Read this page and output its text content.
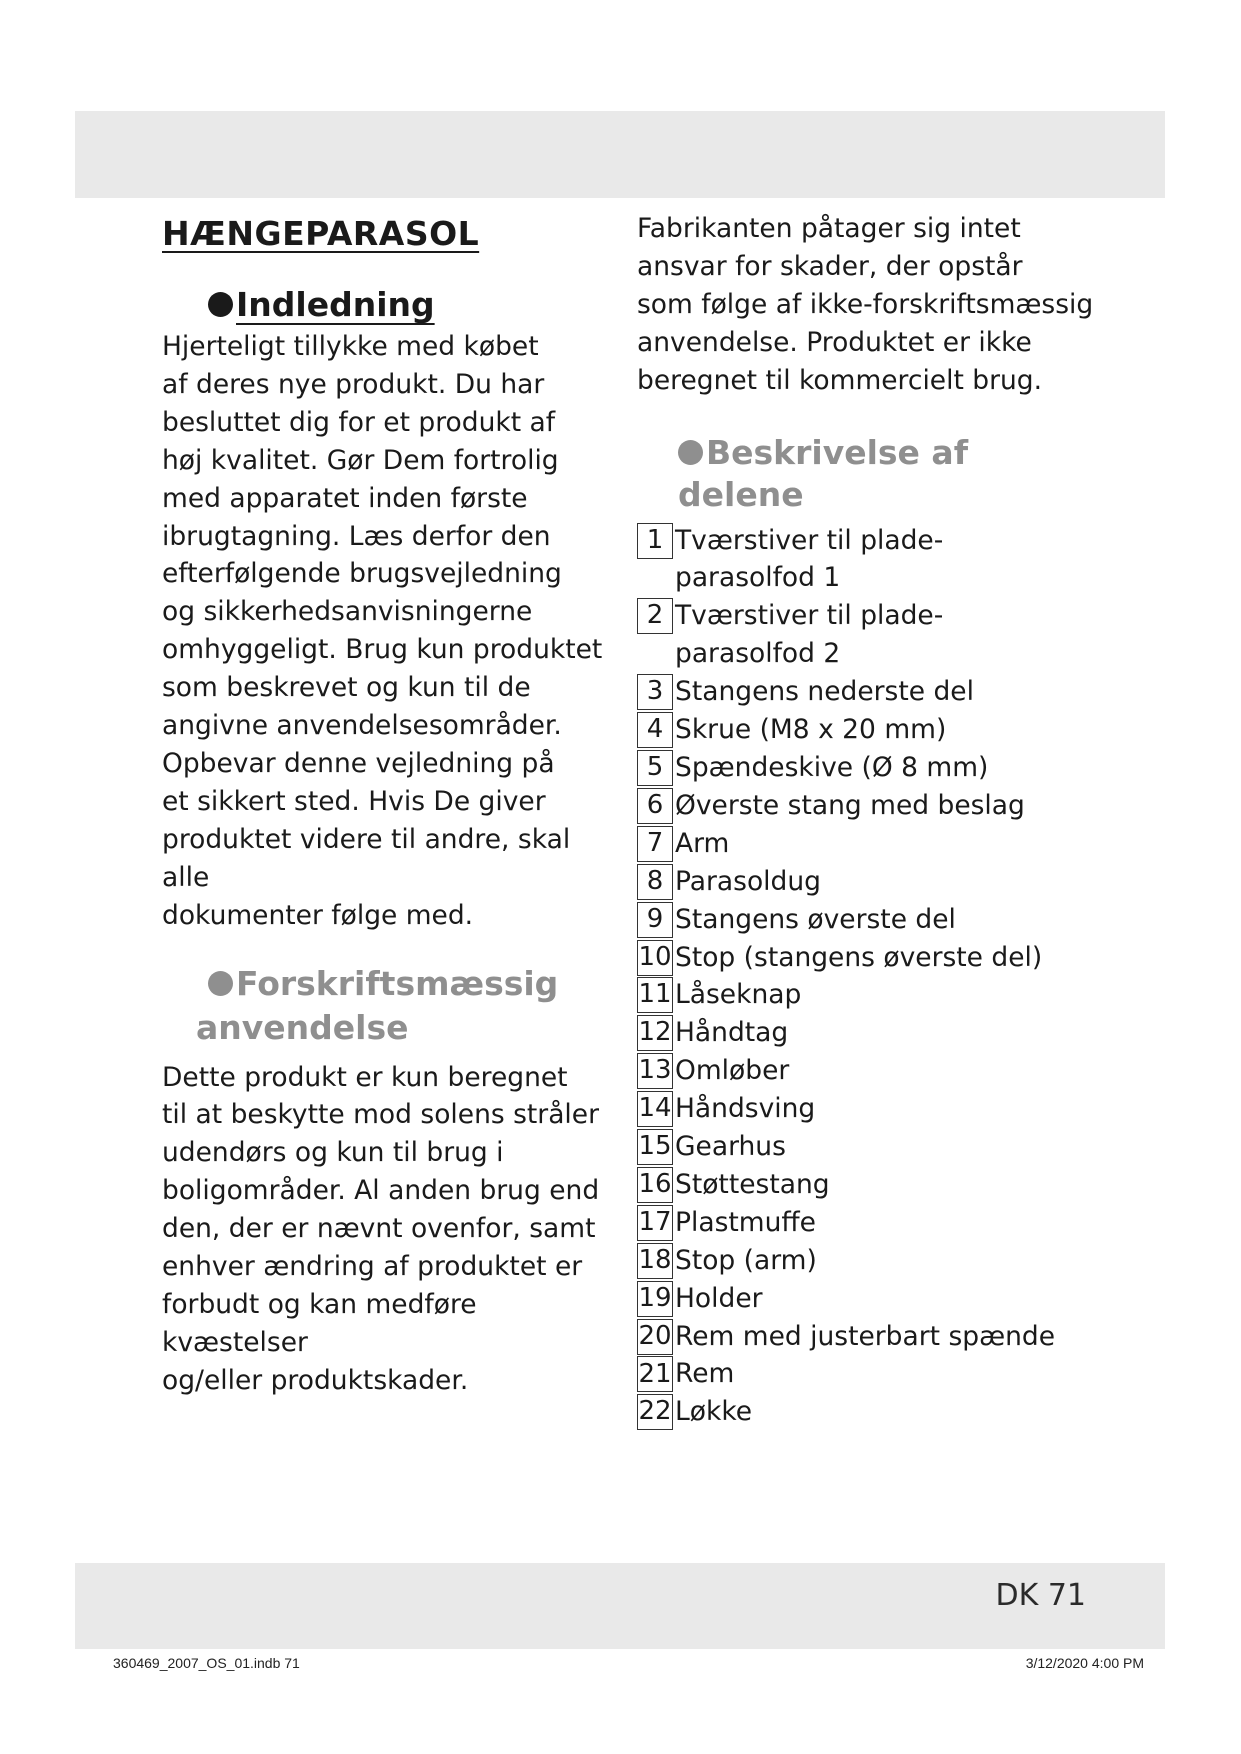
HÆNGEPARASOL
Indledning

Hjerteligt tillykke med købet
af deres nye produkt. Du har
besluttet dig for et produkt af
høj kvalitet. Gør Dem fortrolig
med apparatet inden første
ibrugtagning. Læs derfor den
efterfølgende brugsvejledning
og sikkerhedsanvisningerne
omhyggeligt. Brug kun produktet
som beskrevet og kun til de
angivne anvendelsesområder.
Opbevar denne vejledning på
et sikkert sted. Hvis De giver
produktet videre til andre, skal alle
dokumenter følge med.

Forskriftsmæssig
anvendelse

Dette produkt er kun beregnet
til at beskytte mod solens stråler
udendørs og kun til brug i
boligområder. Al anden brug end
den, der er nævnt ovenfor, samt
enhver ændring af produktet er
forbudt og kan medføre kvæstelser
og/eller produktskader.

Fabrikanten påtager sig intet
ansvar for skader, der opstår
som følge af ikke-forskriftsmæssig
anvendelse. Produktet er ikke
beregnet til kommercielt brug.

Beskrivelse af delene
1 Tværstiver til plade-
parasolfod 1
2 Tværstiver til plade-
parasolfod 2
3 Stangens nederste del
4 Skrue (M8 x 20 mm)
5 Spændeskive (Ø 8 mm)
6 Øverste stang med beslag
7 Arm
8 Parasoldug
9 Stangens øverste del
10 Stop (stangens øverste del)
11 Låseknap
12 Håndtag
13 Omløber
14 Håndsving
15 Gearhus
16 Støttestang
17 Plastmuffe
18 Stop (arm)
19 Holder
20 Rem med justerbart spænde
21 Rem
22 Løkke
DK 71
360469_2007_OS_01.indb 71	3/12/2020 4:00 PM
